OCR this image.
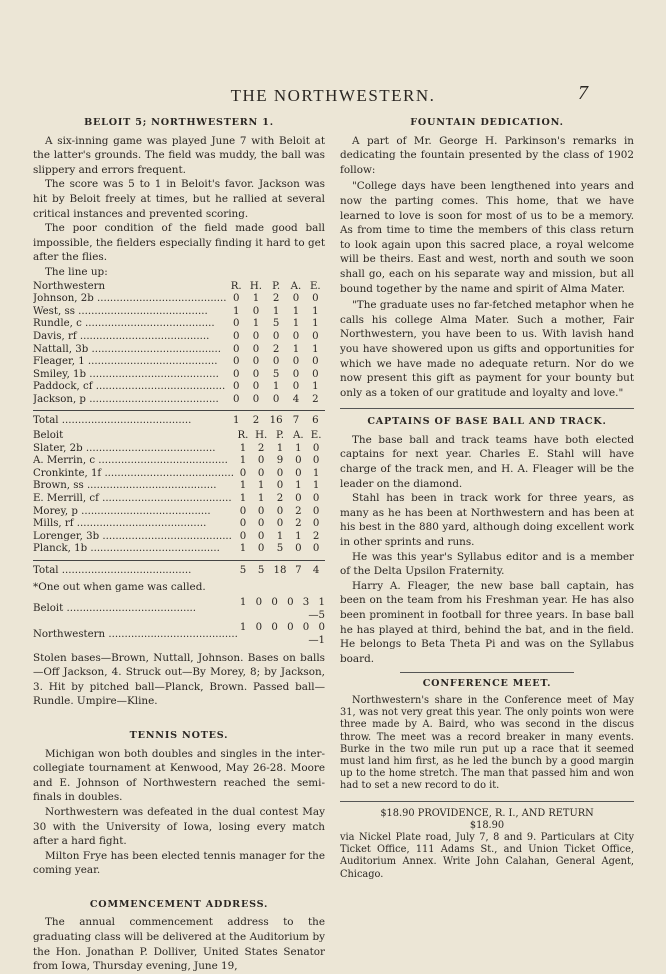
THE NORTHWESTERN.	7
BELOIT 5; NORTHWESTERN 1.

A six-inning game was played June 7 with Beloit at the latter's grounds. The field was muddy, the ball was slippery and errors frequent.

The score was 5 to 1 in Beloit's favor. Jackson was hit by Beloit freely at times, but he rallied at several critical instances and prevented scoring.

The poor condition of the field made good ball impossible, the fielders especially finding it hard to get after the flies.

The line up:

Northwestern	R.	H.	P.	A.	E.
Johnson, 2b ........................................	0	1	2	0	0
West, ss ........................................	1	0	1	1	1
Rundle, c ........................................	0	1	5	1	1
Davis, rf ........................................	0	0	0	0	0
Nattall, 3b ........................................	0	0	2	1	1
Fleager, 1 ........................................	0	0	0	0	0
Smiley, 1b ........................................	0	0	5	0	0
Paddock, cf ........................................	0	0	1	0	1
Jackson, p ........................................	0	0	0	4	2

Total ........................................	1	2	16	7	6
Beloit	R.	H.	P.	A.	E.
Slater, 2b ........................................	1	2	1	1	0
A. Merrin, c ........................................	1	0	9	0	0
Cronkinte, 1f ........................................	0	0	0	0	1
Brown, ss ........................................	1	1	0	1	1
E. Merrill, cf ........................................	1	1	2	0	0
Morey, p ........................................	0	0	0	2	0
Mills, rf ........................................	0	0	0	2	0
Lorenger, 3b ........................................	0	0	1	1	2
Planck, 1b ........................................	1	0	5	0	0

Total ........................................	5	5	18	7	4
*One out when game was called.
Beloit ........................................	1 0 0 0 3 1—5
Northwestern ........................................	1 0 0 0 0 0—1

Stolen bases—Brown, Nuttall, Johnson. Bases on balls—Off Jackson, 4. Struck out—By Morey, 8; by Jackson, 3. Hit by pitched ball—Planck, Brown. Passed ball—Rundle. Umpire—Kline.

TENNIS NOTES.

Michigan won both doubles and singles in the inter-collegiate tournament at Kenwood, May 26-28. Moore and E. Johnson of Northwestern reached the semi-finals in doubles.

Northwestern was defeated in the dual contest May 30 with the University of Iowa, losing every match after a hard fight.

Milton Frye has been elected tennis manager for the coming year.

COMMENCEMENT ADDRESS.

The annual commencement address to the graduating class will be delivered at the Auditorium by the Hon. Jonathan P. Dolliver, United States Senator from Iowa, Thursday evening, June 19,

FOUNTAIN DEDICATION.

A part of Mr. George H. Parkinson's remarks in dedicating the fountain presented by the class of 1902 follow:

"College days have been lengthened into years and now the parting comes. This home, that we have learned to love is soon for most of us to be a memory. As from time to time the members of this class return to look again upon this sacred place, a royal welcome will be theirs. East and west, north and south we soon shall go, each on his separate way and mission, but all bound together by the name and spirit of Alma Mater.

"The graduate uses no far-fetched metaphor when he calls his college Alma Mater. Such a mother, Fair Northwestern, you have been to us. With lavish hand you have showered upon us gifts and opportunities for which we have made no adequate return. Nor do we now present this gift as payment for your bounty but only as a token of our gratitude and loyalty and love."

CAPTAINS OF BASE BALL AND TRACK.

The base ball and track teams have both elected captains for next year. Charles E. Stahl will have charge of the track men, and H. A. Fleager will be the leader on the diamond.

Stahl has been in track work for three years, as many as he has been at Northwestern and has been at his best in the 880 yard, although doing excellent work in other sprints and runs.

He was this year's Syllabus editor and is a member of the Delta Upsilon Fraternity.

Harry A. Fleager, the new base ball captain, has been on the team from his Freshman year. He has also been prominent in football for three years. In base ball he has played at third, behind the bat, and in the field. He belongs to Beta Theta Pi and was on the Syllabus board.

CONFERENCE MEET.

Northwestern's share in the Conference meet of May 31, was not very great this year. The only points won were three made by A. Baird, who was second in the discus throw. The meet was a record breaker in many events. Burke in the two mile run put up a race that it seemed must land him first, as he led the bunch by a good margin up to the home stretch. The man that passed him and won had to set a new record to do it.

$18.90 PROVIDENCE, R. I., AND RETURN
$18.90

via Nickel Plate road, July 7, 8 and 9. Particulars at City Ticket Office, 111 Adams St., and Union Ticket Office, Auditorium Annex. Write John Calahan, General Agent, Chicago.
